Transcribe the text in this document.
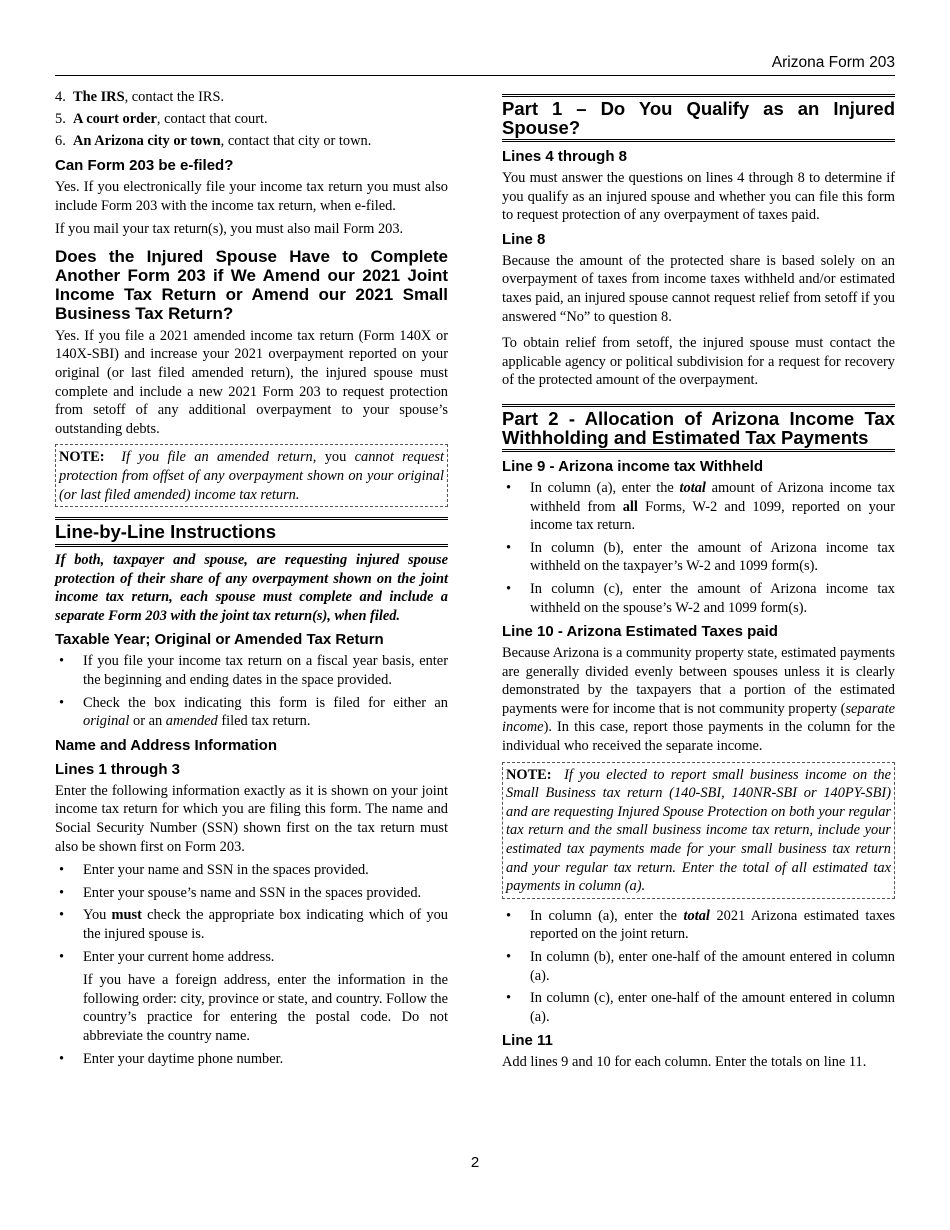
Arizona Form 203
4. The IRS, contact the IRS.
5. A court order, contact that court.
6. An Arizona city or town, contact that city or town.
Can Form 203 be e-filed?

Yes. If you electronically file your income tax return you must also include Form 203 with the income tax return, when e-filed.

If you mail your tax return(s), you must also mail Form 203.

Does the Injured Spouse Have to Complete Another Form 203 if We Amend our 2021 Joint Income Tax Return or Amend our 2021 Small Business Tax Return?

Yes. If you file a 2021 amended income tax return (Form 140X or 140X-SBI) and increase your 2021 overpayment reported on your original (or last filed amended return), the injured spouse must complete and include a new 2021 Form 203 to request protection from setoff of any additional overpayment to your spouse’s outstanding debts.

NOTE: If you file an amended return, you cannot request protection from offset of any overpayment shown on your original (or last filed amended) income tax return.
Line-by-Line Instructions

If both, taxpayer and spouse, are requesting injured spouse protection of their share of any overpayment shown on the joint income tax return, each spouse must complete and include a separate Form 203 with the joint tax return(s), when filed.

Taxable Year; Original or Amended Tax Return
• If you file your income tax return on a fiscal year basis, enter the beginning and ending dates in the space provided.
• Check the box indicating this form is filed for either an original or an amended filed tax return.
Name and Address Information
Lines 1 through 3

Enter the following information exactly as it is shown on your joint income tax return for which you are filing this form. The name and Social Security Number (SSN) shown first on the tax return must also be shown first on Form 203.

• Enter your name and SSN in the spaces provided.
• Enter your spouse’s name and SSN in the spaces provided.
• You must check the appropriate box indicating which of you the injured spouse is.
• Enter your current home address.

If you have a foreign address, enter the information in the following order: city, province or state, and country. Follow the country’s practice for entering the postal code. Do not abbreviate the country name.

• Enter your daytime phone number.
Part 1 – Do You Qualify as an Injured Spouse?
Lines 4 through 8

You must answer the questions on lines 4 through 8 to determine if you qualify as an injured spouse and whether you can file this form to request protection of any overpayment of taxes paid.

Line 8

Because the amount of the protected share is based solely on an overpayment of taxes from income taxes withheld and/or estimated taxes paid, an injured spouse cannot request relief from setoff if you answered “No” to question 8.

To obtain relief from setoff, the injured spouse must contact the applicable agency or political subdivision for a request for recovery of the protected amount of the overpayment.

Part 2 - Allocation of Arizona Income Tax Withholding and Estimated Tax Payments
Line 9 - Arizona income tax Withheld
• In column (a), enter the total amount of Arizona income tax withheld from all Forms, W-2 and 1099, reported on your income tax return.
• In column (b), enter the amount of Arizona income tax withheld on the taxpayer’s W-2 and 1099 form(s).
• In column (c), enter the amount of Arizona income tax withheld on the spouse’s W-2 and 1099 form(s).
Line 10 - Arizona Estimated Taxes paid

Because Arizona is a community property state, estimated payments are generally divided evenly between spouses unless it is clearly demonstrated by the taxpayers that a portion of the estimated payments were for income that is not community property (separate income). In this case, report those payments in the column for the individual who received the separate income.

NOTE: If you elected to report small business income on the Small Business tax return (140-SBI, 140NR-SBI or 140PY-SBI) and are requesting Injured Spouse Protection on both your regular tax return and the small business income tax return, include your estimated tax payments made for your small business tax return and your regular tax return. Enter the total of all estimated tax payments in column (a).
• In column (a), enter the total 2021 Arizona estimated taxes reported on the joint return.
• In column (b), enter one-half of the amount entered in column (a).
• In column (c), enter one-half of the amount entered in column (a).
Line 11

Add lines 9 and 10 for each column. Enter the totals on line 11.

2
